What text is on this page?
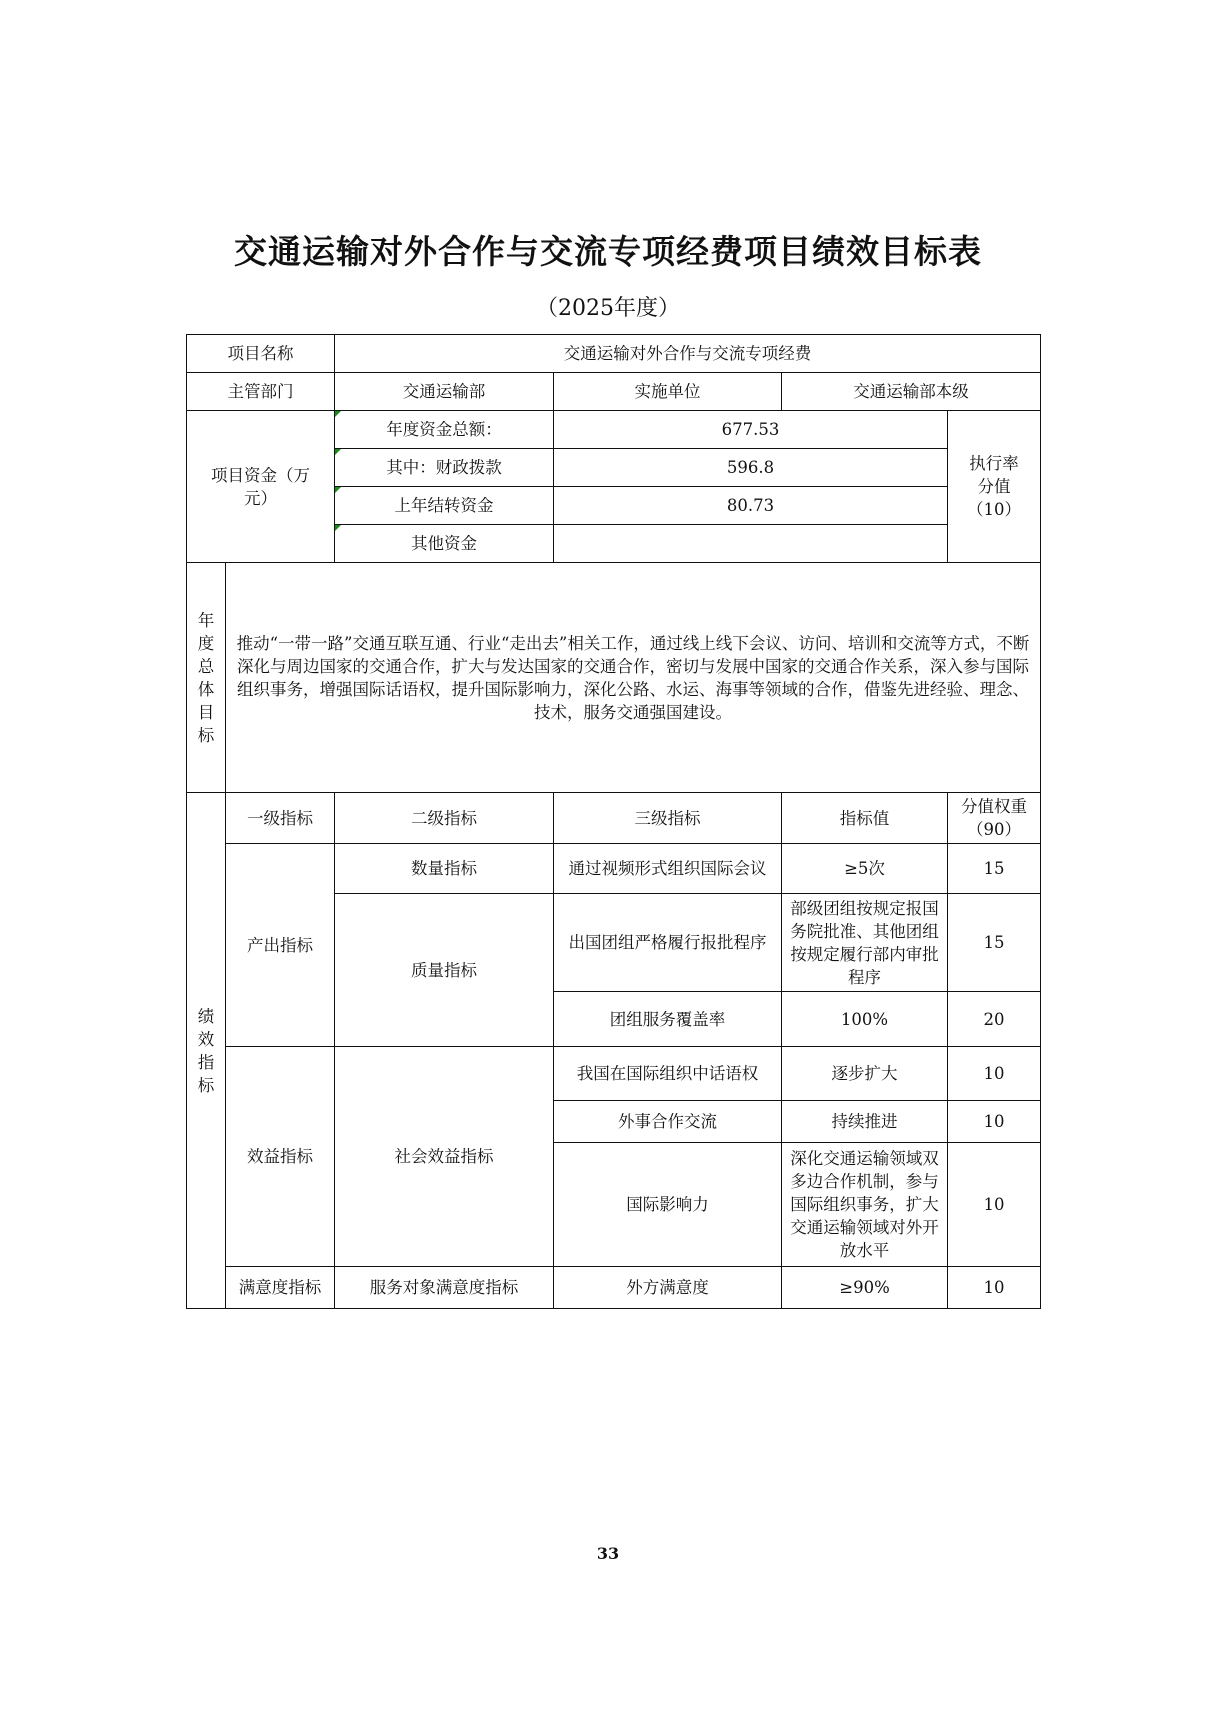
交通运输对外合作与交流专项经费项目绩效目标表
（2025年度）
项目名称		交通运输对外合作与交流专项经费			
主管部门		交通运输部	实施单位	交通运输部本级	

项目资金（万元）		年度资金总额：	677.53		执行率分值（10）

		其中：财政拨款	596.8		
		上年结转资金	80.73		
		其他资金			

年度总体目标	推动“一带一路”交通互联互通、行业“走出去”相关工作，通过线上线下会议、访问、培训和交流等方式，不断深化与周边国家的交通合作，扩大与发达国家的交通合作，密切与发展中国家的交通合作关系，深入参与国际组织事务，增强国际话语权，提升国际影响力，深化公路、水运、海事等领域的合作，借鉴先进经验、理念、技术，服务交通强国建设。				

绩效指标	一级指标	二级指标	三级指标	指标值	分值权重（90）
	产出指标	数量指标	通过视频形式组织国际会议	≥5次	15
		质量指标	出国团组严格履行报批程序	部级团组按规定报国务院批准、其他团组按规定履行部内审批程序	15
			团组服务覆盖率	100%	20
	效益指标	社会效益指标	我国在国际组织中话语权	逐步扩大	10
			外事合作交流	持续推进	10
			国际影响力	深化交通运输领域双多边合作机制，参与国际组织事务，扩大交通运输领域对外开放水平	10
	满意度指标	服务对象满意度指标	外方满意度	≥90%	10
33
